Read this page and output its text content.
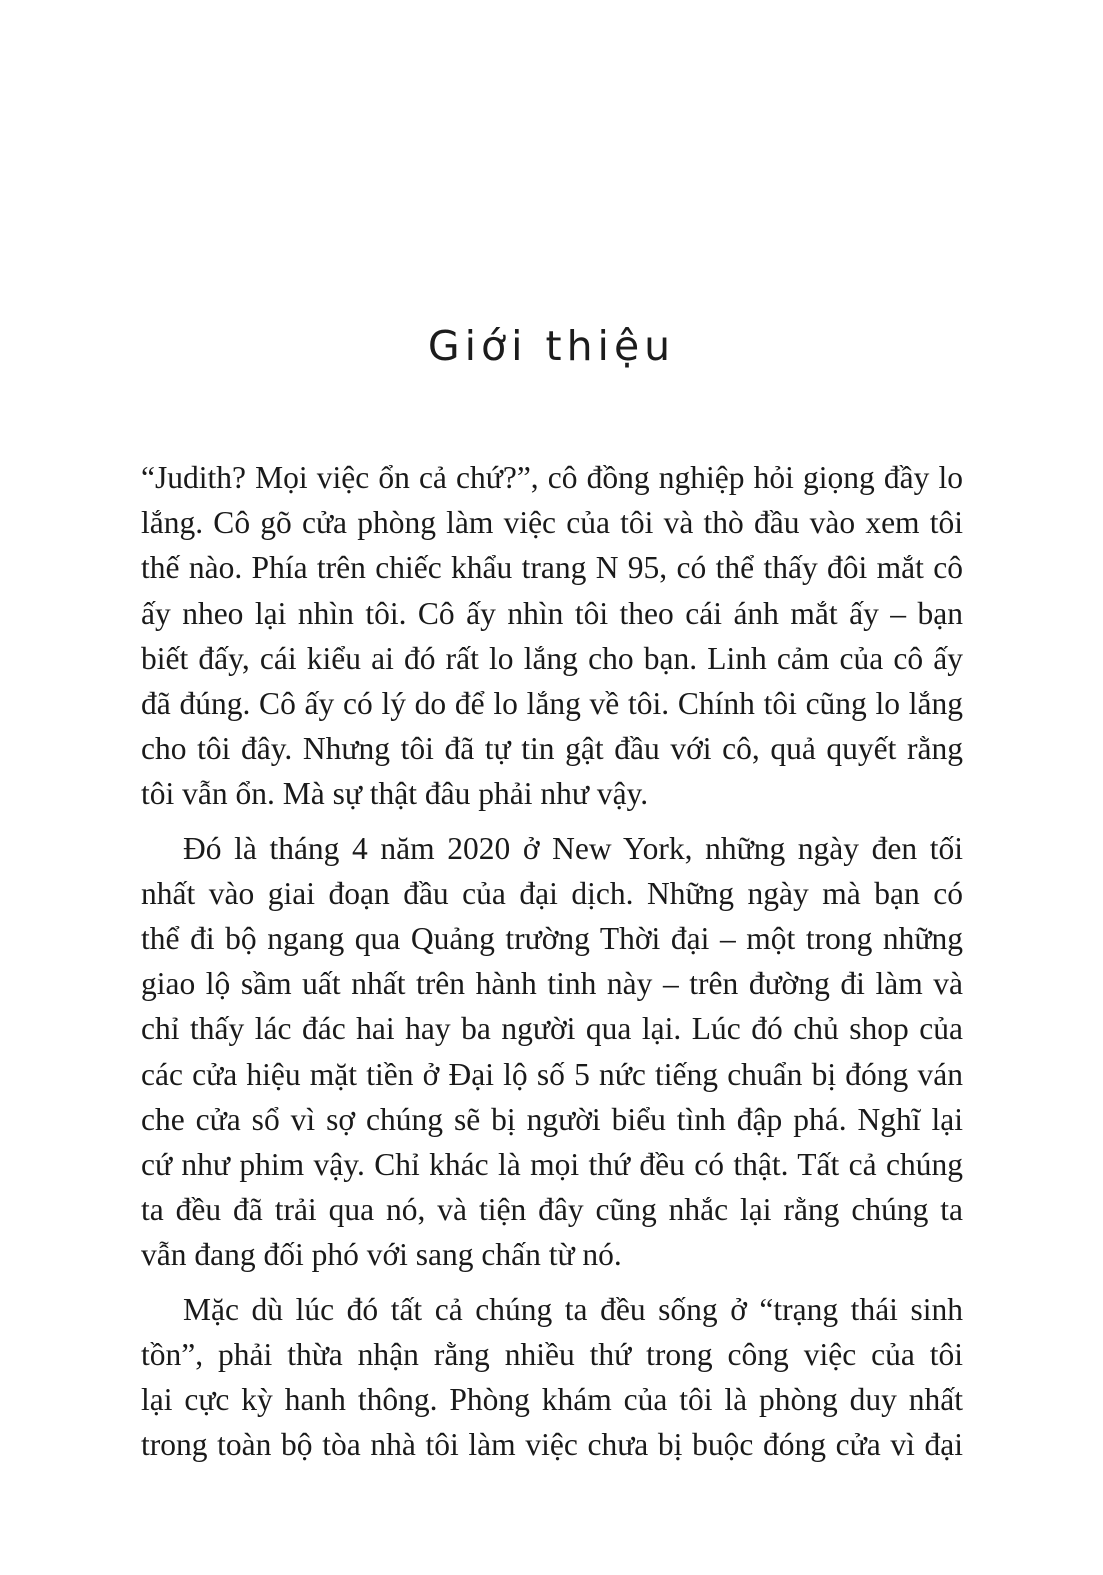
Giới thiệu

“Judith? Mọi việc ổn cả chứ?”, cô đồng nghiệp hỏi giọng đầy lo
lắng. Cô gõ cửa phòng làm việc của tôi và thò đầu vào xem tôi
thế nào. Phía trên chiếc khẩu trang N 95, có thể thấy đôi mắt cô
ấy nheo lại nhìn tôi. Cô ấy nhìn tôi theo cái ánh mắt ấy – bạn
biết đấy, cái kiểu ai đó rất lo lắng cho bạn. Linh cảm của cô ấy
đã đúng. Cô ấy có lý do để lo lắng về tôi. Chính tôi cũng lo lắng
cho tôi đây. Nhưng tôi đã tự tin gật đầu với cô, quả quyết rằng
tôi vẫn ổn. Mà sự thật đâu phải như vậy.

Đó là tháng 4 năm 2020 ở New York, những ngày đen tối
nhất vào giai đoạn đầu của đại dịch. Những ngày mà bạn có
thể đi bộ ngang qua Quảng trường Thời đại – một trong những
giao lộ sầm uất nhất trên hành tinh này – trên đường đi làm và
chỉ thấy lác đác hai hay ba người qua lại. Lúc đó chủ shop của
các cửa hiệu mặt tiền ở Đại lộ số 5 nức tiếng chuẩn bị đóng ván
che cửa sổ vì sợ chúng sẽ bị người biểu tình đập phá. Nghĩ lại
cứ như phim vậy. Chỉ khác là mọi thứ đều có thật. Tất cả chúng
ta đều đã trải qua nó, và tiện đây cũng nhắc lại rằng chúng ta
vẫn đang đối phó với sang chấn từ nó.

Mặc dù lúc đó tất cả chúng ta đều sống ở “trạng thái sinh
tồn”, phải thừa nhận rằng nhiều thứ trong công việc của tôi
lại cực kỳ hanh thông. Phòng khám của tôi là phòng duy nhất
trong toàn bộ tòa nhà tôi làm việc chưa bị buộc đóng cửa vì đại
